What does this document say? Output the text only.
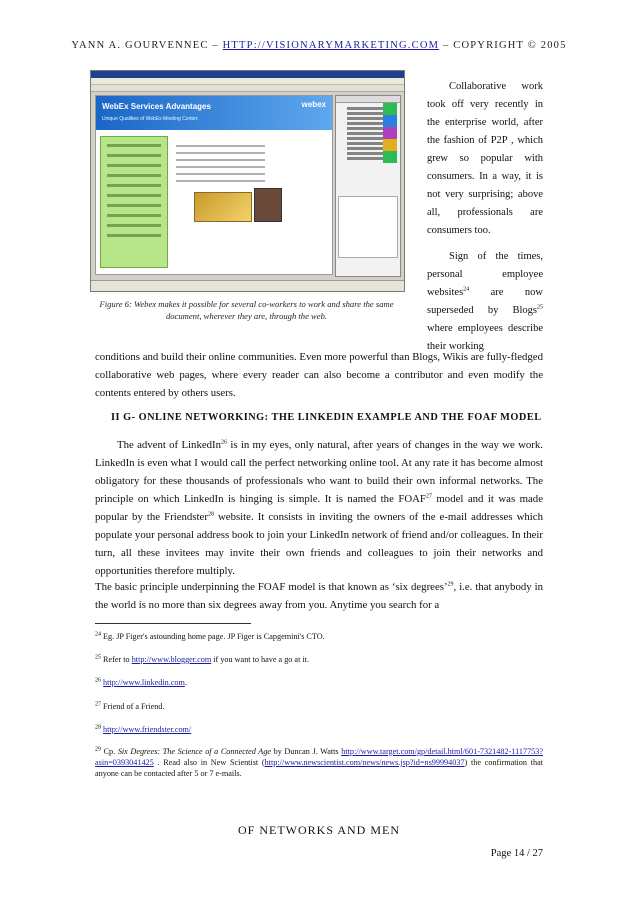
YANN A. GOURVENNEC – HTTP://VISIONARYMARKETING.COM – COPYRIGHT © 2005
WebEx Services Advantages
Unique Qualities of WebEx Meeting Center:
webex
Figure 6: Webex makes it possible for several co-workers to work and share the same document, wherever they are, through the web.

Collaborative work took off very recently in the enterprise world, after the fashion of P2P , which grew so popular with consumers. In a way, it is not very surprising; above all, professionals are consumers too.

Sign of the times, personal employee websites$^{24}$ are now superseded by Blogs$^{25}$ where employees describe their working

conditions and build their online communities. Even more powerful than Blogs, Wikis are fully-fledged collaborative web pages, where every reader can also become a contributor and even modify the contents entered by others users.
II G- ONLINE NETWORKING: THE LINKEDIN EXAMPLE AND THE FOAF MODEL
The advent of LinkedIn$^{26}$ is in my eyes, only natural, after years of changes in the way we work. LinkedIn is even what I would call the perfect networking online tool. At any rate it has become almost obligatory for these thousands of professionals who want to build their own informal networks. The principle on which LinkedIn is hinging is simple. It is named the FOAF$^{27}$ model and it was made popular by the Friendster$^{28}$ website. It consists in inviting the owners of the e-mail addresses which populate your personal address book to join your LinkedIn network of friend and/or colleagues. In their turn, all these invitees may invite their own friends and colleagues to join their networks and opportunities therefore multiply.
The basic principle underpinning the FOAF model is that known as ‘six degrees’$^{29}$, i.e. that anybody in the world is no more than six degrees away from you. Anytime you search for a
$^{24}$ Eg. JP Figer's astounding home page. JP Figer is Capgemini's CTO.
$^{25}$ Refer to http://www.blogger.com if you want to have a go at it.
$^{26}$ http://www.linkedin.com.
$^{27}$ Friend of a Friend.
$^{28}$ http://www.friendster.com/
$^{29}$ Cp. Six Degrees: The Science of a Connected Age by Duncan J. Watts http://www.target.com/gp/detail.html/601-7321482-1117753?asin=0393041425 . Read also in New Scientist (http://www.newscientist.com/news/news.jsp?id=ns99994037) the confirmation that anyone can be contacted after 5 or 7 e-mails.
OF NETWORKS AND MEN
Page 14 / 27
